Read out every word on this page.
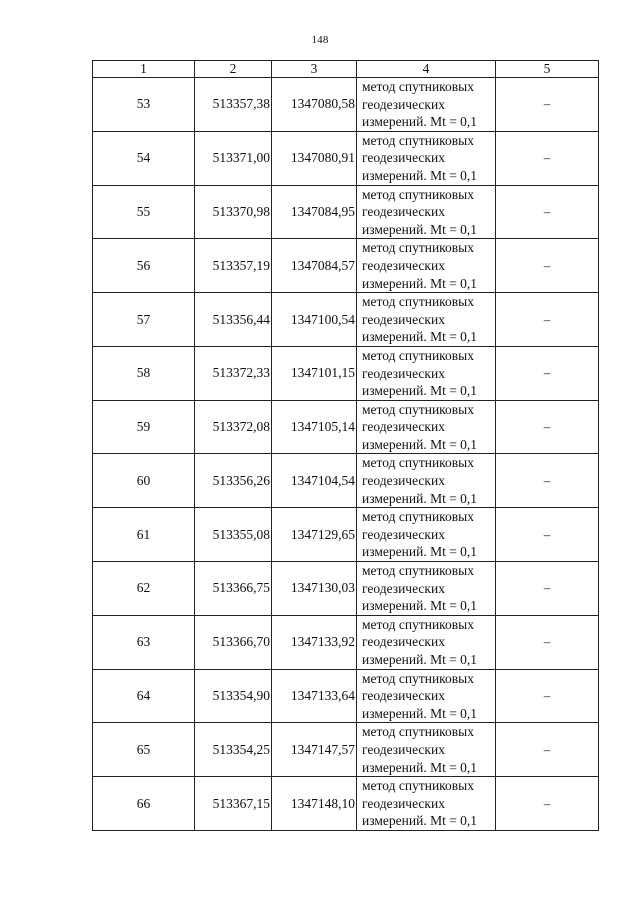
148
1	2	3	4	5
53	513357,38	1347080,58	метод спутниковых
геодезических
измерений. Mt = 0,1	–
54	513371,00	1347080,91	метод спутниковых
геодезических
измерений. Mt = 0,1	–
55	513370,98	1347084,95	метод спутниковых
геодезических
измерений. Mt = 0,1	–
56	513357,19	1347084,57	метод спутниковых
геодезических
измерений. Mt = 0,1	–
57	513356,44	1347100,54	метод спутниковых
геодезических
измерений. Mt = 0,1	–
58	513372,33	1347101,15	метод спутниковых
геодезических
измерений. Mt = 0,1	–
59	513372,08	1347105,14	метод спутниковых
геодезических
измерений. Mt = 0,1	–
60	513356,26	1347104,54	метод спутниковых
геодезических
измерений. Mt = 0,1	–
61	513355,08	1347129,65	метод спутниковых
геодезических
измерений. Mt = 0,1	–
62	513366,75	1347130,03	метод спутниковых
геодезических
измерений. Mt = 0,1	–
63	513366,70	1347133,92	метод спутниковых
геодезических
измерений. Mt = 0,1	–
64	513354,90	1347133,64	метод спутниковых
геодезических
измерений. Mt = 0,1	–
65	513354,25	1347147,57	метод спутниковых
геодезических
измерений. Mt = 0,1	–
66	513367,15	1347148,10	метод спутниковых
геодезических
измерений. Mt = 0,1	–
